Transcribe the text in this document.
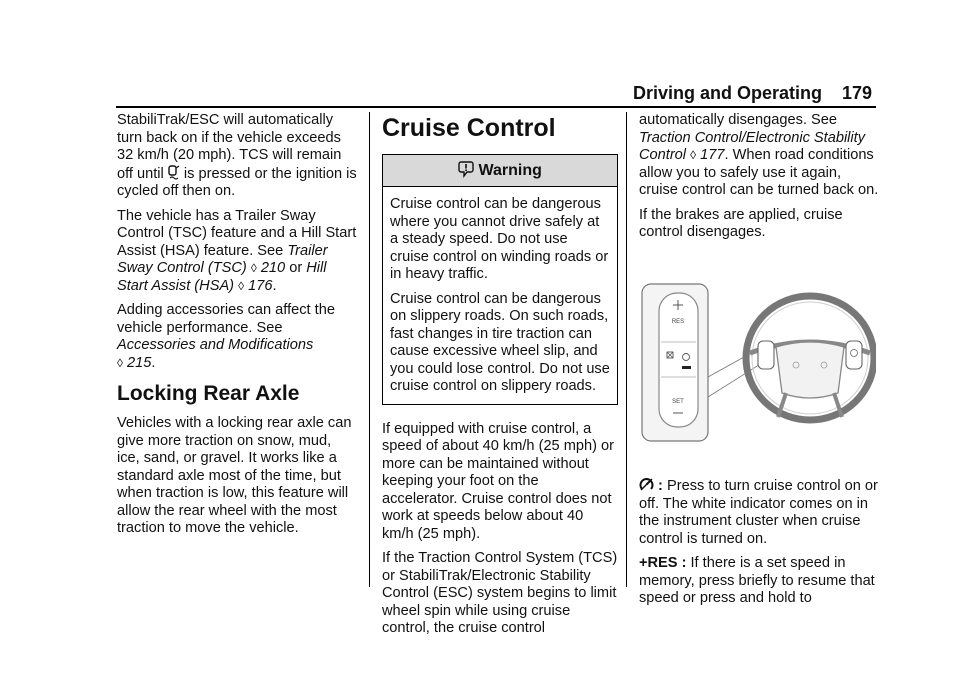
Driving and Operating 179

StabiliTrak/ESC will automatically turn back on if the vehicle exceeds 32 km/h (20 mph). TCS will remain off until  is pressed or the ignition is cycled off then on.

The vehicle has a Trailer Sway Control (TSC) feature and a Hill Start Assist (HSA) feature. See Trailer Sway Control (TSC) ◊ 210 or Hill Start Assist (HSA) ◊ 176.

Adding accessories can affect the vehicle performance. See
Accessories and Modifications
◊ 215.

Locking Rear Axle

Vehicles with a locking rear axle can give more traction on snow, mud, ice, sand, or gravel. It works like a standard axle most of the time, but when traction is low, this feature will allow the rear wheel with the most traction to move the vehicle.

Cruise Control
Warning

Cruise control can be dangerous where you cannot drive safely at a steady speed. Do not use cruise control on winding roads or in heavy traffic.

Cruise control can be dangerous on slippery roads. On such roads, fast changes in tire traction can cause excessive wheel slip, and you could lose control. Do not use cruise control on slippery roads.

If equipped with cruise control, a speed of about 40 km/h (25 mph) or more can be maintained without keeping your foot on the accelerator. Cruise control does not work at speeds below about 40 km/h (25 mph).

If the Traction Control System (TCS) or StabiliTrak/Electronic Stability Control (ESC) system begins to limit wheel spin while using cruise control, the cruise control

automatically disengages. See
Traction Control/Electronic Stability Control ◊ 177. When road conditions allow you to safely use it again, cruise control can be turned back on.

If the brakes are applied, cruise control disengages.

RES
SET

: Press to turn cruise control on or off. The white indicator comes on in the instrument cluster when cruise control is turned on.

+RES : If there is a set speed in memory, press briefly to resume that speed or press and hold to
